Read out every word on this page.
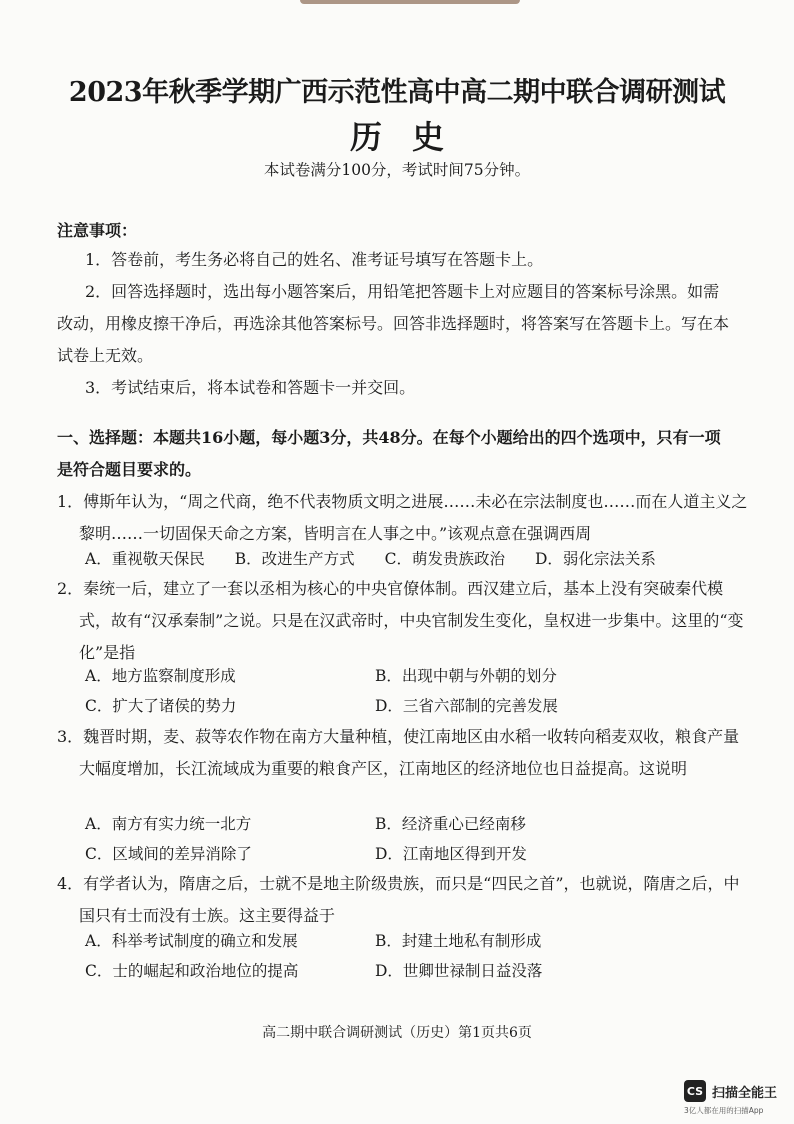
2023年秋季学期广西示范性高中高二期中联合调研测试
历史
本试卷满分100分，考试时间75分钟。
注意事项：
1．答卷前，考生务必将自己的姓名、准考证号填写在答题卡上。
2．回答选择题时，选出每小题答案后，用铅笔把答题卡上对应题目的答案标号涂黑。如需改动，用橡皮擦干净后，再选涂其他答案标号。回答非选择题时，将答案写在答题卡上。写在本试卷上无效。
3．考试结束后，将本试卷和答题卡一并交回。
一、选择题：本题共16小题，每小题3分，共48分。在每个小题给出的四个选项中，只有一项是符合题目要求的。
1．傅斯年认为，“周之代商，绝不代表物质文明之进展……未必在宗法制度也……而在人道主义之黎明……一切固保天命之方案，皆明言在人事之中。”该观点意在强调西周
A．重视敬天保民 B．改进生产方式 C．萌发贵族政治 D．弱化宗法关系
2．秦统一后，建立了一套以丞相为核心的中央官僚体制。西汉建立后，基本上没有突破秦代模式，故有“汉承秦制”之说。只是在汉武帝时，中央官制发生变化，皇权进一步集中。这里的“变化”是指
A．地方监察制度形成	B．出现中朝与外朝的划分
C．扩大了诸侯的势力	D．三省六部制的完善发展
3．魏晋时期，麦、菽等农作物在南方大量种植，使江南地区由水稻一收转向稻麦双收，粮食产量大幅度增加，长江流域成为重要的粮食产区，江南地区的经济地位也日益提高。这说明
A．南方有实力统一北方	B．经济重心已经南移
C．区域间的差异消除了	D．江南地区得到开发
4．有学者认为，隋唐之后，士就不是地主阶级贵族，而只是“四民之首”，也就说，隋唐之后，中国只有士而没有士族。这主要得益于
A．科举考试制度的确立和发展	B．封建土地私有制形成
C．士的崛起和政治地位的提高	D．世卿世禄制日益没落
高二期中联合调研测试（历史）第1页共6页
CS 扫描全能王
3亿人都在用的扫描App
